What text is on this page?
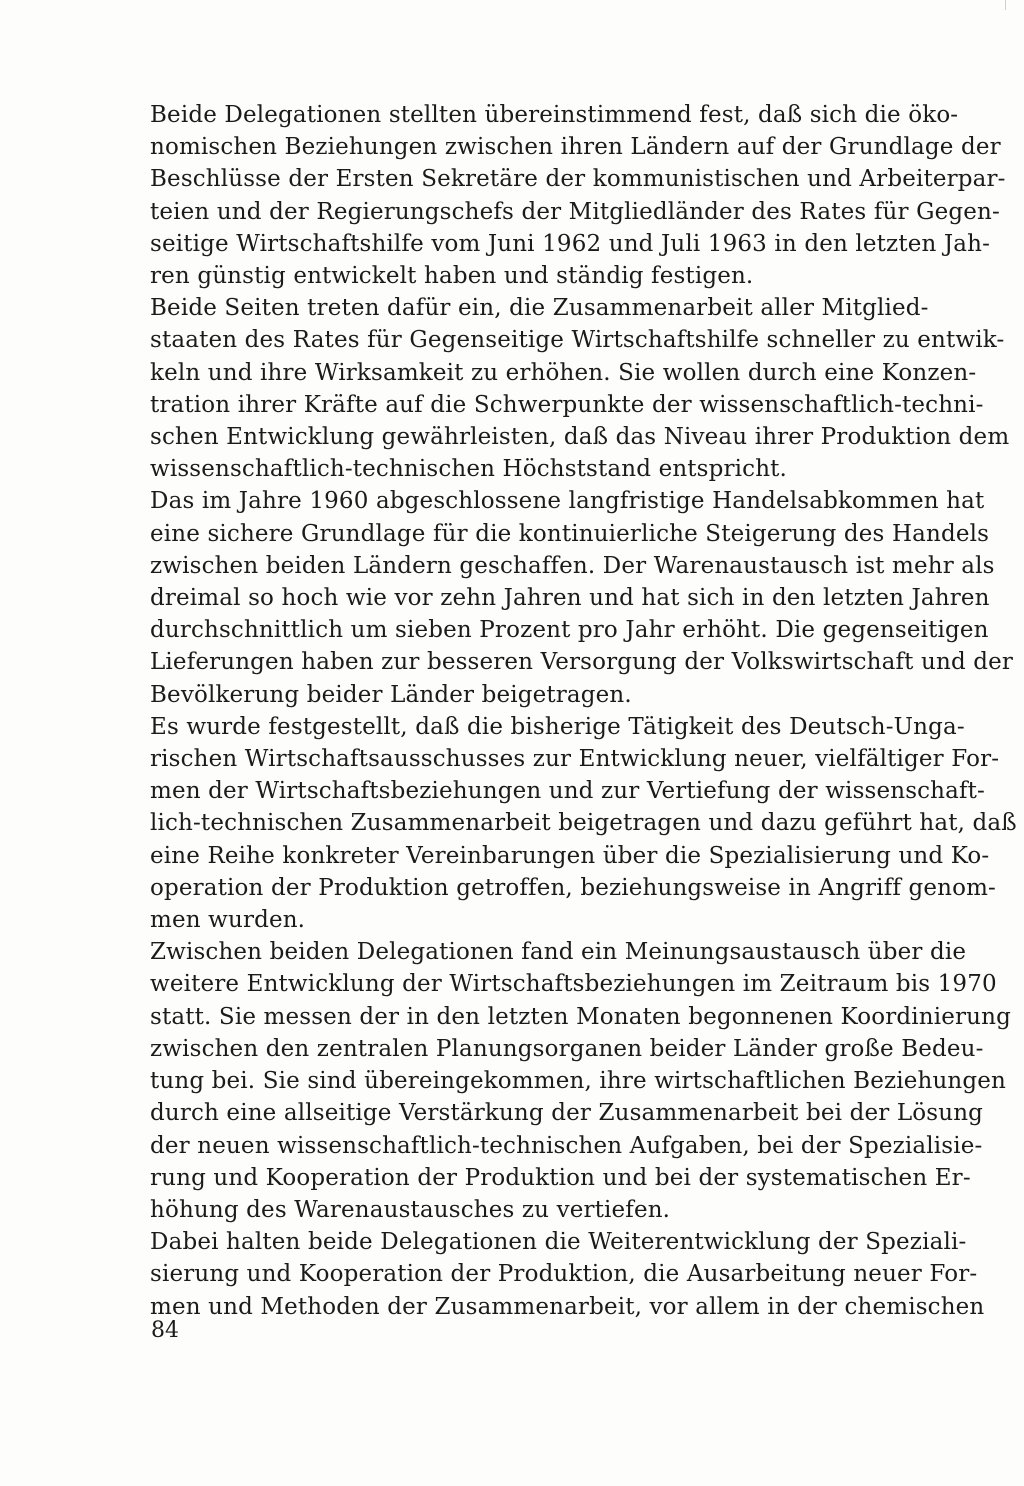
Beide Delegationen stellten übereinstimmend fest, daß sich die öko-
nomischen Beziehungen zwischen ihren Ländern auf der Grundlage der
Beschlüsse der Ersten Sekretäre der kommunistischen und Arbeiterpar-
teien und der Regierungschefs der Mitgliedländer des Rates für Gegen-
seitige Wirtschaftshilfe vom Juni 1962 und Juli 1963 in den letzten Jah-
ren günstig entwickelt haben und ständig festigen.

Beide Seiten treten dafür ein, die Zusammenarbeit aller Mitglied-
staaten des Rates für Gegenseitige Wirtschaftshilfe schneller zu entwik-
keln und ihre Wirksamkeit zu erhöhen. Sie wollen durch eine Konzen-
tration ihrer Kräfte auf die Schwerpunkte der wissenschaftlich-techni-
schen Entwicklung gewährleisten, daß das Niveau ihrer Produktion dem
wissenschaftlich-technischen Höchststand entspricht.

Das im Jahre 1960 abgeschlossene langfristige Handelsabkommen hat
eine sichere Grundlage für die kontinuierliche Steigerung des Handels
zwischen beiden Ländern geschaffen. Der Warenaustausch ist mehr als
dreimal so hoch wie vor zehn Jahren und hat sich in den letzten Jahren
durchschnittlich um sieben Prozent pro Jahr erhöht. Die gegenseitigen
Lieferungen haben zur besseren Versorgung der Volkswirtschaft und der
Bevölkerung beider Länder beigetragen.

Es wurde festgestellt, daß die bisherige Tätigkeit des Deutsch-Unga-
rischen Wirtschaftsausschusses zur Entwicklung neuer, vielfältiger For-
men der Wirtschaftsbeziehungen und zur Vertiefung der wissenschaft-
lich-technischen Zusammenarbeit beigetragen und dazu geführt hat, daß
eine Reihe konkreter Vereinbarungen über die Spezialisierung und Ko-
operation der Produktion getroffen, beziehungsweise in Angriff genom-
men wurden.

Zwischen beiden Delegationen fand ein Meinungsaustausch über die
weitere Entwicklung der Wirtschaftsbeziehungen im Zeitraum bis 1970
statt. Sie messen der in den letzten Monaten begonnenen Koordinierung
zwischen den zentralen Planungsorganen beider Länder große Bedeu-
tung bei. Sie sind übereingekommen, ihre wirtschaftlichen Beziehungen
durch eine allseitige Verstärkung der Zusammenarbeit bei der Lösung
der neuen wissenschaftlich-technischen Aufgaben, bei der Spezialisie-
rung und Kooperation der Produktion und bei der systematischen Er-
höhung des Warenaustausches zu vertiefen.

Dabei halten beide Delegationen die Weiterentwicklung der Speziali-
sierung und Kooperation der Produktion, die Ausarbeitung neuer For-
men und Methoden der Zusammenarbeit, vor allem in der chemischen

84
